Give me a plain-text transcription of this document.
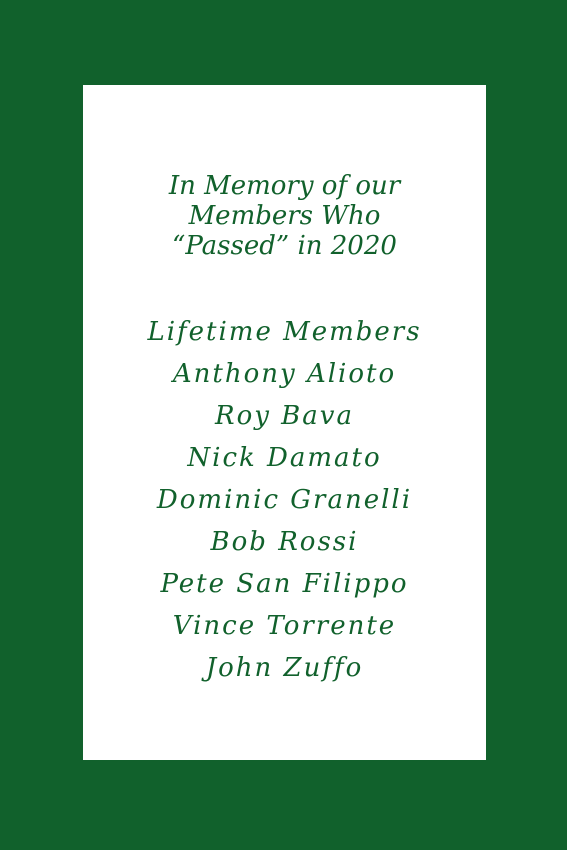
In Memory of our
Members Who
“Passed” in 2020
Lifetime Members
Anthony Alioto
Roy Bava
Nick Damato
Dominic Granelli
Bob Rossi
Pete San Filippo
Vince Torrente
John Zuffo
